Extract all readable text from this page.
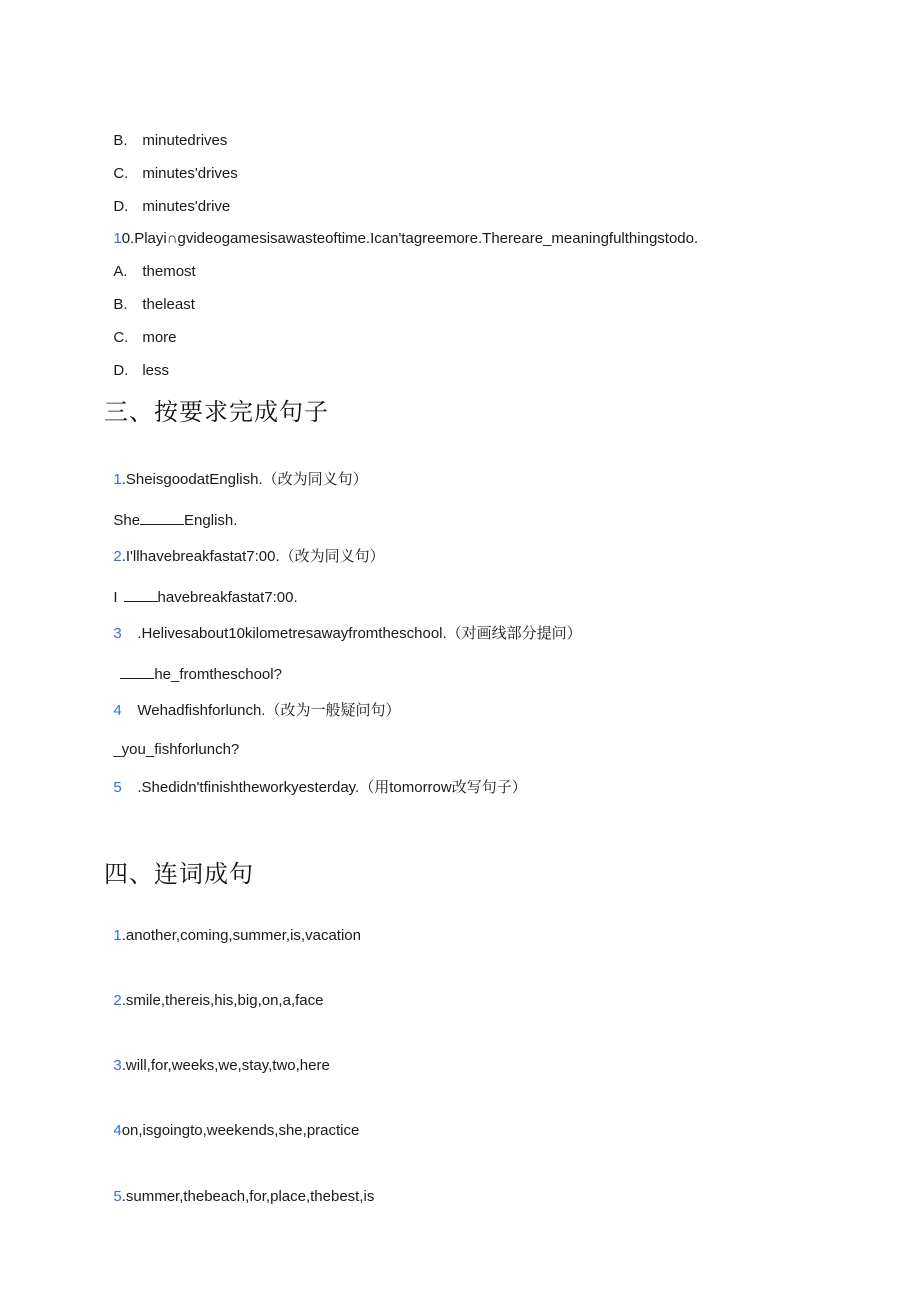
B. minutedrives

C. minutes'drives

D. minutes'drive

10.Playi∩gvideogamesisawasteoftime.Ican'tagreemore.Thereare_meaningfulthingstodo.

A. themost

B. theleast

C. more

D. less

三、按要求完成句子

1.SheisgoodatEnglish.（改为同义句）

She	English.

2.I'llhavebreakfastat7:00.（改为同义句）

I	havebreakfastat7:00.

3 .Helivesabout10kilometresawayfromtheschool.（对画线部分提问）

he_fromtheschool?

4 Wehadfishforlunch.（改为一般疑问句）

_you_fishforlunch?

5 .Shedidn'tfinishtheworkyesterday.（用tomorrow改写句子）

四、连词成句

1.another,coming,summer,is,vacation

2.smile,thereis,his,big,on,a,face

3.will,for,weeks,we,stay,two,here

4on,isgoingto,weekends,she,practice

5.summer,thebeach,for,place,thebest,is
